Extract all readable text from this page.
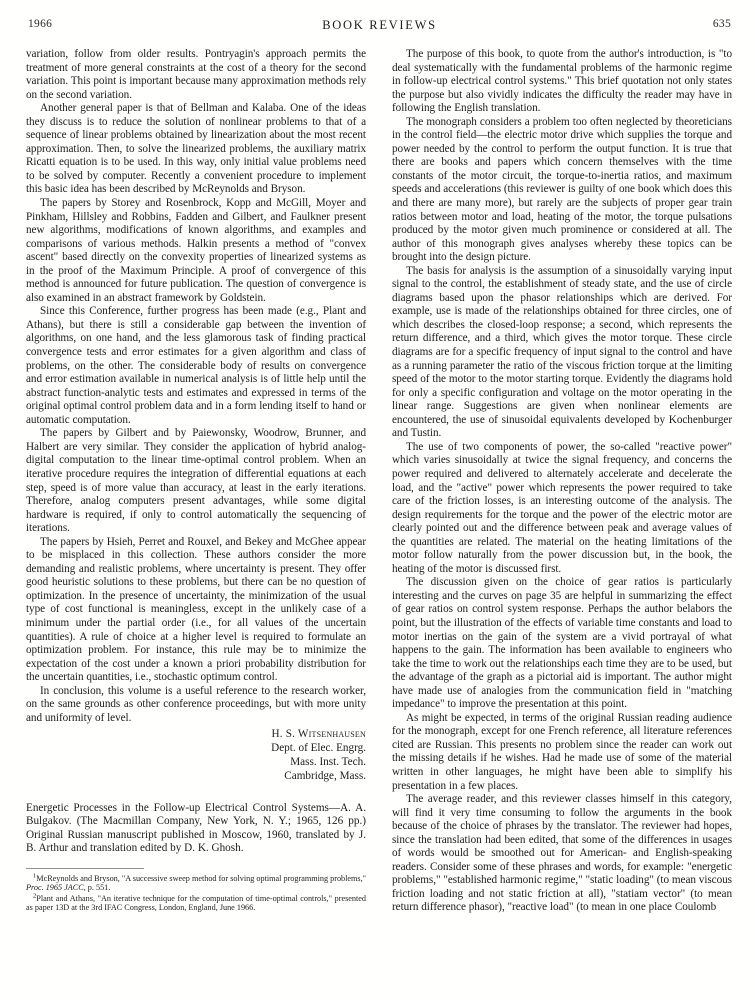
1966	BOOK REVIEWS	635

variation, follow from older results. Pontryagin's approach permits the treatment of more general constraints at the cost of a theory for the second variation. This point is important because many approximation methods rely on the second variation.

Another general paper is that of Bellman and Kalaba. One of the ideas they discuss is to reduce the solution of nonlinear problems to that of a sequence of linear problems obtained by linearization about the most recent approximation. Then, to solve the linearized problems, the auxiliary matrix Ricatti equation is to be used. In this way, only initial value problems need to be solved by computer. Recently a convenient procedure to implement this basic idea has been described by McReynolds and Bryson.

The papers by Storey and Rosenbrock, Kopp and McGill, Moyer and Pinkham, Hillsley and Robbins, Fadden and Gilbert, and Faulkner present new algorithms, modifications of known algorithms, and examples and comparisons of various methods. Halkin presents a method of "convex ascent" based directly on the convexity properties of linearized systems as in the proof of the Maximum Principle. A proof of convergence of this method is announced for future publication. The question of convergence is also examined in an abstract framework by Goldstein.

Since this Conference, further progress has been made (e.g., Plant and Athans), but there is still a considerable gap between the invention of algorithms, on one hand, and the less glamorous task of finding practical convergence tests and error estimates for a given algorithm and class of problems, on the other. The considerable body of results on convergence and error estimation available in numerical analysis is of little help until the abstract function-analytic tests and estimates and expressed in terms of the original optimal control problem data and in a form lending itself to hand or automatic computation.

The papers by Gilbert and by Paiewonsky, Woodrow, Brunner, and Halbert are very similar. They consider the application of hybrid analog-digital computation to the linear time-optimal control problem. When an iterative procedure requires the integration of differential equations at each step, speed is of more value than accuracy, at least in the early iterations. Therefore, analog computers present advantages, while some digital hardware is required, if only to control automatically the sequencing of iterations.

The papers by Hsieh, Perret and Rouxel, and Bekey and McGhee appear to be misplaced in this collection. These authors consider the more demanding and realistic problems, where uncertainty is present. They offer good heuristic solutions to these problems, but there can be no question of optimization. In the presence of uncertainty, the minimization of the usual type of cost functional is meaningless, except in the unlikely case of a minimum under the partial order (i.e., for all values of the uncertain quantities). A rule of choice at a higher level is required to formulate an optimization problem. For instance, this rule may be to minimize the expectation of the cost under a known a priori probability distribution for the uncertain quantities, i.e., stochastic optimum control.

In conclusion, this volume is a useful reference to the research worker, on the same grounds as other conference proceedings, but with more unity and uniformity of level.

H. S. Witsenhausen
Dept. of Elec. Engrg.
Mass. Inst. Tech.
Cambridge, Mass.
Energetic Processes in the Follow-up Electrical Control Systems—A. A. Bulgakov. (The Macmillan Company, New York, N. Y.; 1965, 126 pp.) Original Russian manuscript published in Moscow, 1960, translated by J. B. Arthur and translation edited by D. K. Ghosh.

$^1$McReynolds and Bryson, "A successive sweep method for solving optimal programming problems," Proc. 1965 JACC, p. 551.

$^2$Plant and Athans, "An iterative technique for the computation of time-optimal controls," presented as paper 13D at the 3rd IFAC Congress, London, England, June 1966.

The purpose of this book, to quote from the author's introduction, is "to deal systematically with the fundamental problems of the harmonic regime in follow-up electrical control systems." This brief quotation not only states the purpose but also vividly indicates the difficulty the reader may have in following the English translation.

The monograph considers a problem too often neglected by theoreticians in the control field—the electric motor drive which supplies the torque and power needed by the control to perform the output function. It is true that there are books and papers which concern themselves with the time constants of the motor circuit, the torque-to-inertia ratios, and maximum speeds and accelerations (this reviewer is guilty of one book which does this and there are many more), but rarely are the subjects of proper gear train ratios between motor and load, heating of the motor, the torque pulsations produced by the motor given much prominence or considered at all. The author of this monograph gives analyses whereby these topics can be brought into the design picture.

The basis for analysis is the assumption of a sinusoidally varying input signal to the control, the establishment of steady state, and the use of circle diagrams based upon the phasor relationships which are derived. For example, use is made of the relationships obtained for three circles, one of which describes the closed-loop response; a second, which represents the return difference, and a third, which gives the motor torque. These circle diagrams are for a specific frequency of input signal to the control and have as a running parameter the ratio of the viscous friction torque at the limiting speed of the motor to the motor starting torque. Evidently the diagrams hold for only a specific configuration and voltage on the motor operating in the linear range. Suggestions are given when nonlinear elements are encountered, the use of sinusoidal equivalents developed by Kochenburger and Tustin.

The use of two components of power, the so-called "reactive power" which varies sinusoidally at twice the signal frequency, and concerns the power required and delivered to alternately accelerate and decelerate the load, and the "active" power which represents the power required to take care of the friction losses, is an interesting outcome of the analysis. The design requirements for the torque and the power of the electric motor are clearly pointed out and the difference between peak and average values of the quantities are related. The material on the heating limitations of the motor follow naturally from the power discussion but, in the book, the heating of the motor is discussed first.

The discussion given on the choice of gear ratios is particularly interesting and the curves on page 35 are helpful in summarizing the effect of gear ratios on control system response. Perhaps the author belabors the point, but the illustration of the effects of variable time constants and load to motor inertias on the gain of the system are a vivid portrayal of what happens to the gain. The information has been available to engineers who take the time to work out the relationships each time they are to be used, but the advantage of the graph as a pictorial aid is important. The author might have made use of analogies from the communication field in "matching impedance" to improve the presentation at this point.

As might be expected, in terms of the original Russian reading audience for the monograph, except for one French reference, all literature references cited are Russian. This presents no problem since the reader can work out the missing details if he wishes. Had he made use of some of the material written in other languages, he might have been able to simplify his presentation in a few places.

The average reader, and this reviewer classes himself in this category, will find it very time consuming to follow the arguments in the book because of the choice of phrases by the translator. The reviewer had hopes, since the translation had been edited, that some of the differences in usages of words would be smoothed out for American- and English-speaking readers. Consider some of these phrases and words, for example: "energetic problems," "established harmonic regime," "static loading" (to mean viscous friction loading and not static friction at all), "statiam vector" (to mean return difference phasor), "reactive load" (to mean in one place Coulomb
